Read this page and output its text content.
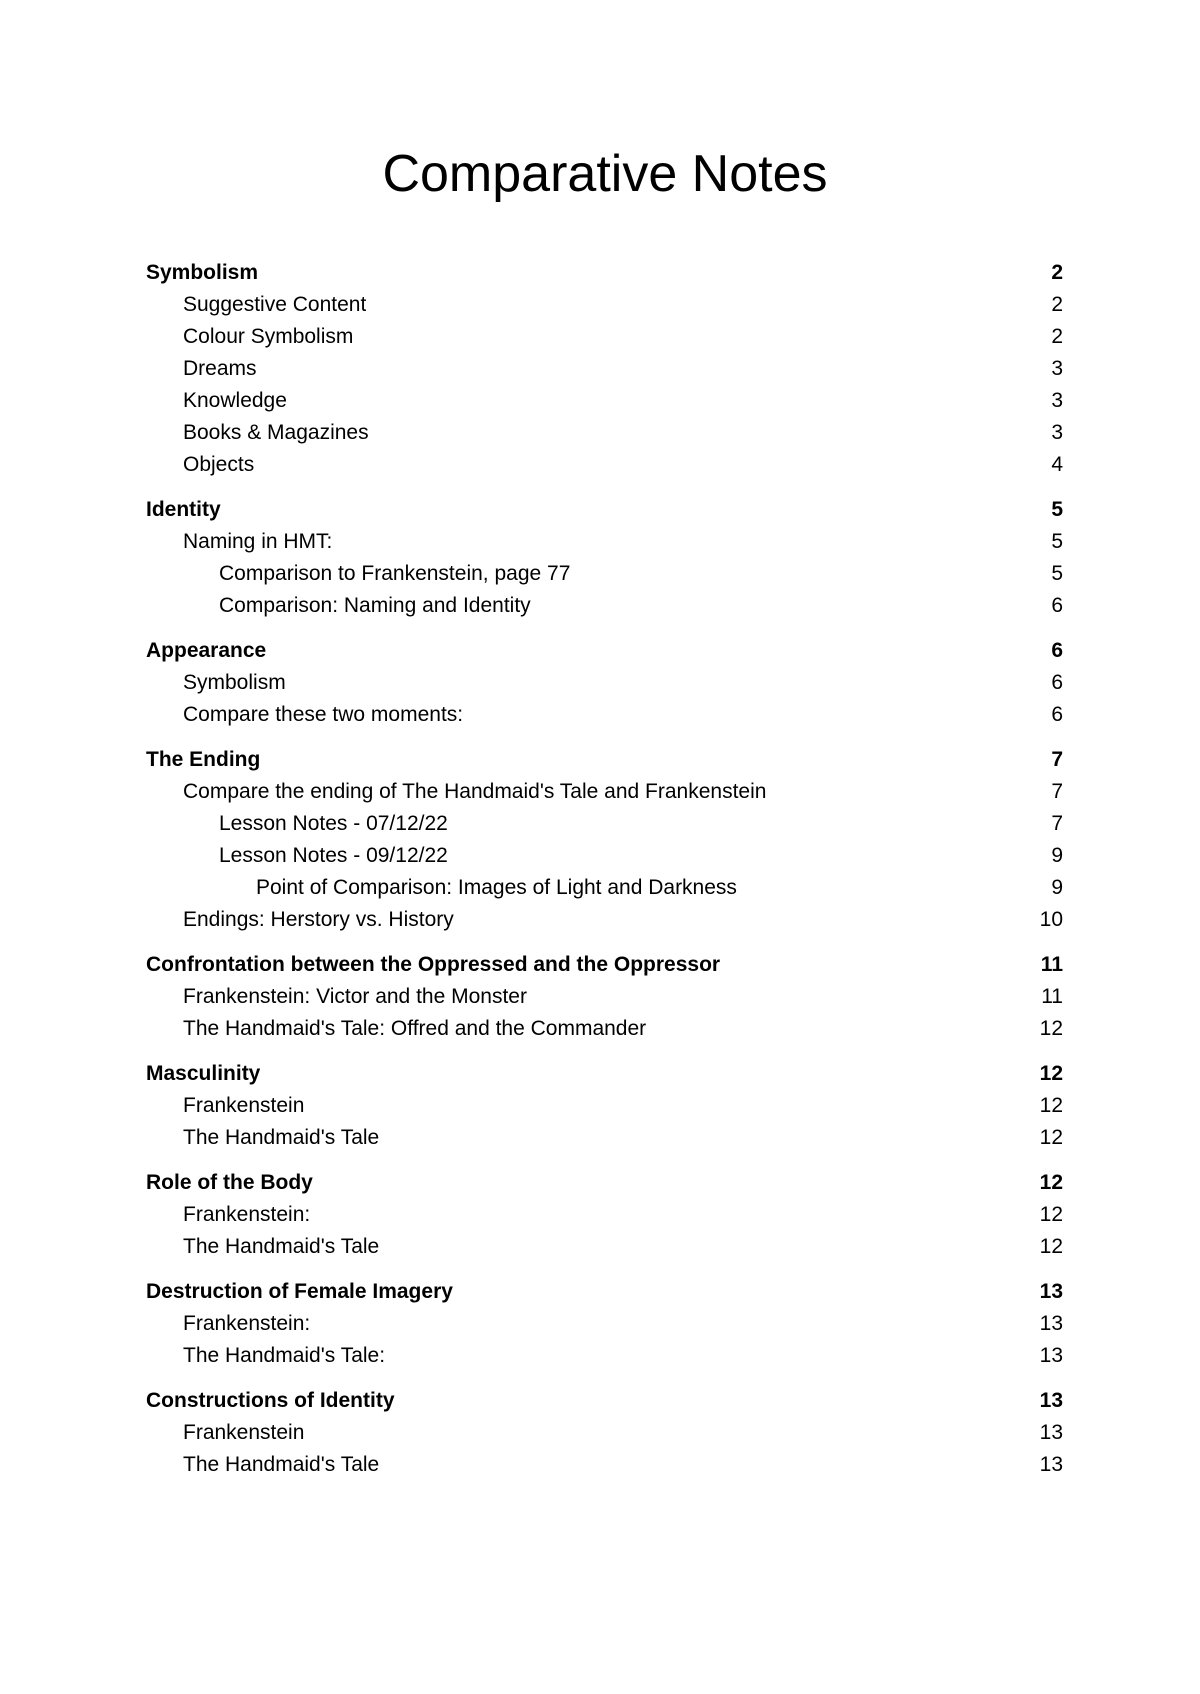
Comparative Notes
Symbolism	2
Suggestive Content	2
Colour Symbolism	2
Dreams	3
Knowledge	3
Books & Magazines	3
Objects	4
Identity	5
Naming in HMT:	5
Comparison to Frankenstein, page 77	5
Comparison: Naming and Identity	6
Appearance	6
Symbolism	6
Compare these two moments:	6
The Ending	7
Compare the ending of The Handmaid's Tale and Frankenstein	7
Lesson Notes - 07/12/22	7
Lesson Notes - 09/12/22	9
Point of Comparison: Images of Light and Darkness	9
Endings: Herstory vs. History	10
Confrontation between the Oppressed and the Oppressor	11
Frankenstein: Victor and the Monster	11
The Handmaid's Tale: Offred and the Commander	12
Masculinity	12
Frankenstein	12
The Handmaid's Tale	12
Role of the Body	12
Frankenstein:	12
The Handmaid's Tale	12
Destruction of Female Imagery	13
Frankenstein:	13
The Handmaid's Tale:	13
Constructions of Identity	13
Frankenstein	13
The Handmaid's Tale	13
